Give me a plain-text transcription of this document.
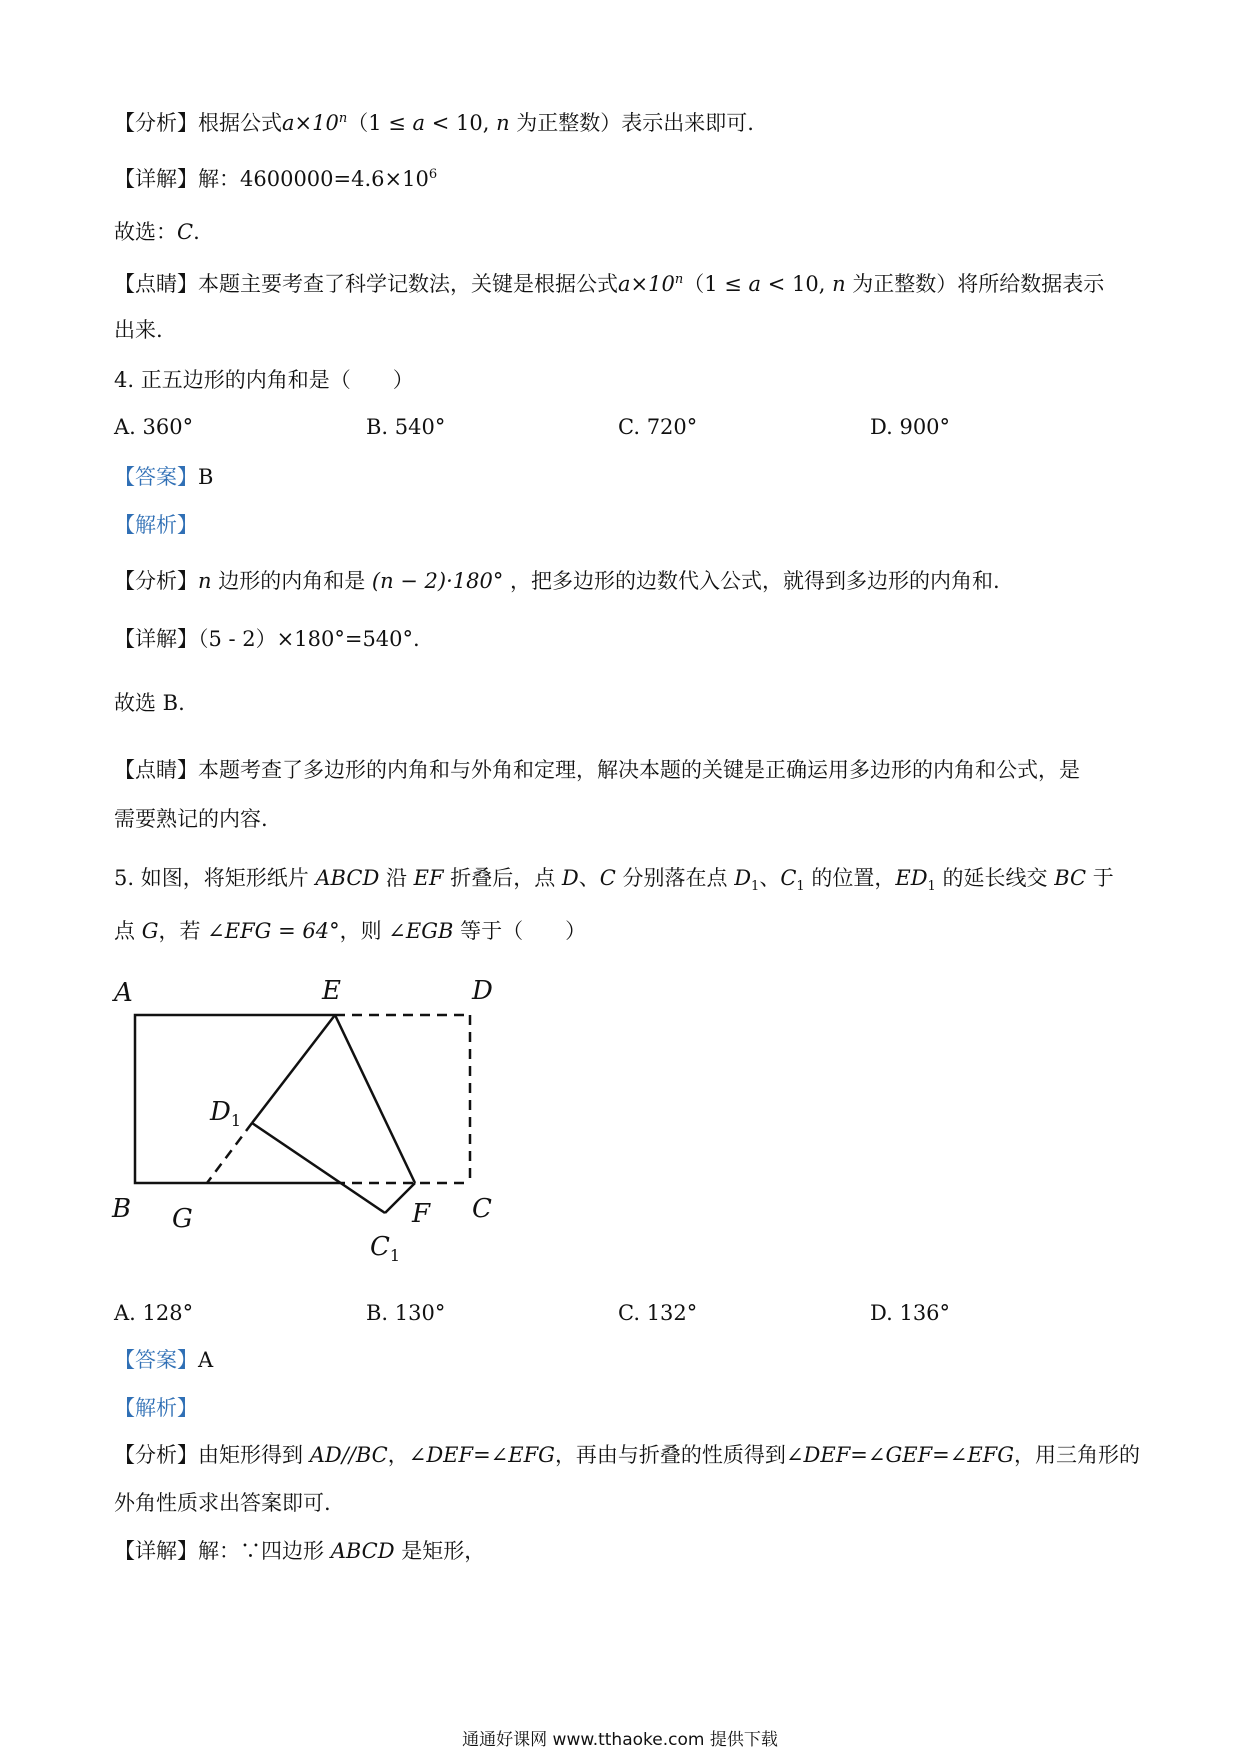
【分析】根据公式$a\times 10^n(1 \le a < 10$, n 为正整数）表示出来即可.
【详解】解：$4600000=4.6\times 10^6$
故选：C.
【点睛】本题主要考查了科学记数法，关键是根据公式$a\times 10^n(1 \le a < 10$, n 为正整数）将所给数据表示
出来.
4. 正五边形的内角和是（　　）
A. 360°	B. 540°	C. 720°	D. 900°
【答案】B
【解析】
【分析】n 边形的内角和是 (n − 2)·180° ，把多边形的边数代入公式，就得到多边形的内角和.
【详解】（5 - 2）×180°=540°.
故选 B.
【点睛】本题考查了多边形的内角和与外角和定理，解决本题的关键是正确运用多边形的内角和公式，是
需要熟记的内容.
5. 如图，将矩形纸片 ABCD 沿 EF 折叠后，点 D、C 分别落在点 $D_1$、$C_1$ 的位置，$ED_1$ 的延长线交 BC 于
点 G，若 ∠EFG = 64°，则 ∠EGB 等于（　　）
A	E	D
$D_1$
B G	F C
$C_1$
A. 128°	B. 130°	C. 132°	D. 136°
【答案】A
【解析】
【分析】由矩形得到 AD//BC，∠DEF=∠EFG，再由与折叠的性质得到∠DEF=∠GEF=∠EFG，用三角形的
外角性质求出答案即可.
【详解】解：∵四边形 ABCD 是矩形，
通通好课网 www.tthaoke.com 提供下载
